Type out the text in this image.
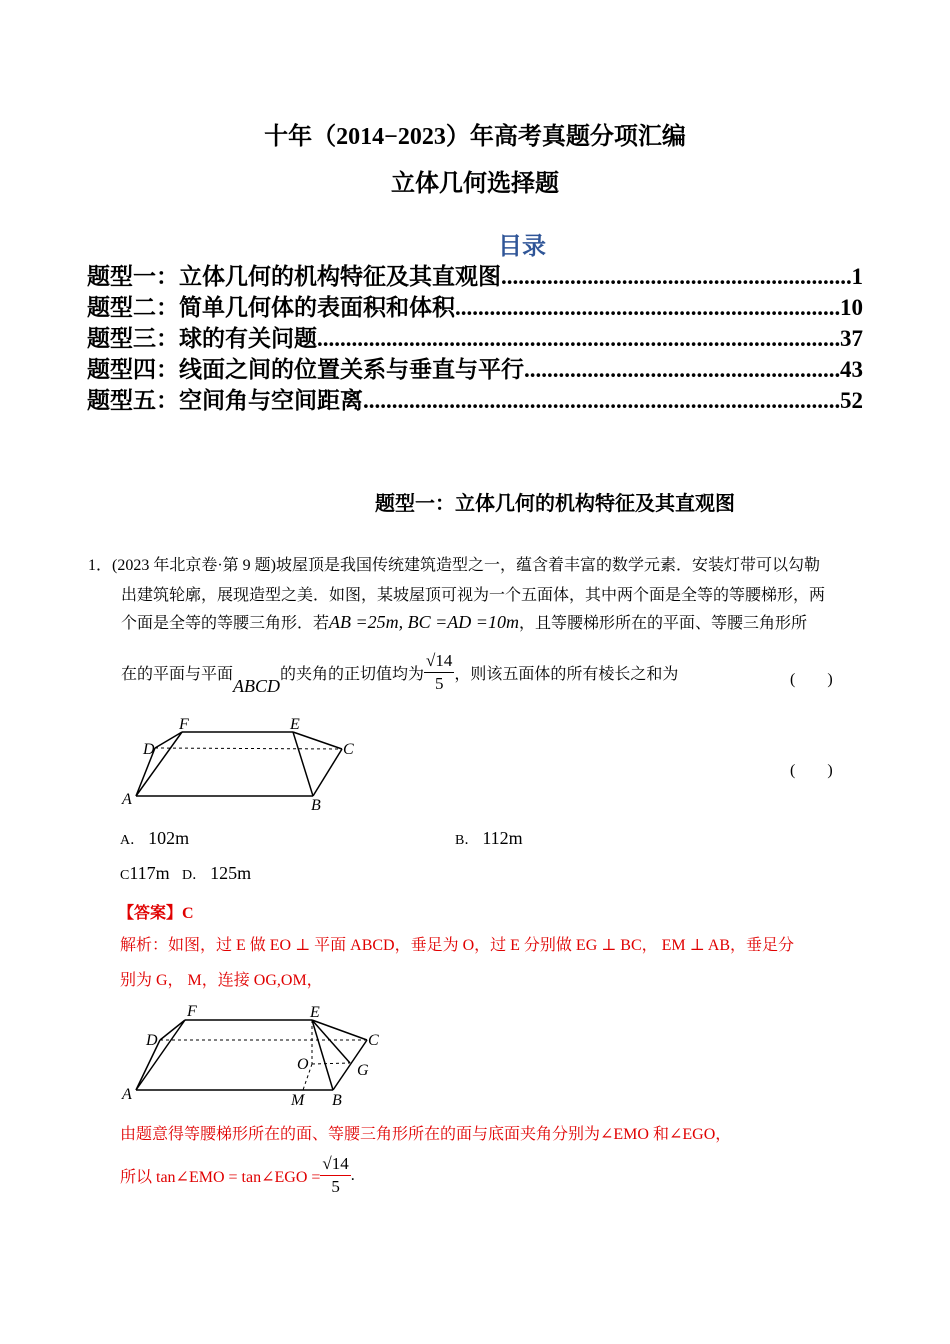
十年（2014−2023）年高考真题分项汇编
立体几何选择题
目录
题型一：立体几何的机构特征及其直观图 .....	1
题型二：简单几何体的表面积和体积 .....	10
题型三：球的有关问题 .....	37
题型四：线面之间的位置关系与垂直与平行 .....	43
题型五：空间角与空间距离 .....	52
题型一：立体几何的机构特征及其直观图
1． (2023 年北京卷·第 9 题)坡屋顶是我国传统建筑造型之一，蕴含着丰富的数学元素．安装灯带可以勾勒
出建筑轮廓，展现造型之美．如图，某坡屋顶可视为一个五面体，其中两个面是全等的等腰梯形，两
个面是全等的等腰三角形．若AB =25m, BC =AD =10m，且等腰梯形所在的平面、等腰三角形所
在的平面与平面
ABCD
的夹角的正切值均为 $\frac{√14}{5}$ ，则该五面体的所有棱长之和为	(　　)
(　　)
F	E
D	C
A	B
A． 102m	B． 112m
C117m D． 125m
【答案】C
解析：如图，过 E 做 EO ⊥ 平面 ABCD，垂足为 O，过 E 分别做 EG ⊥ BC， EM ⊥ AB，垂足分
别为 G， M，连接 OG,OM，
F	E
D	C
O	G
A	M B
由题意得等腰梯形所在的面、等腰三角形所在的面与底面夹角分别为∠EMO 和∠EGO，
所以 tan∠EMO = tan∠EGO = $\frac{√14}{5}$ .
